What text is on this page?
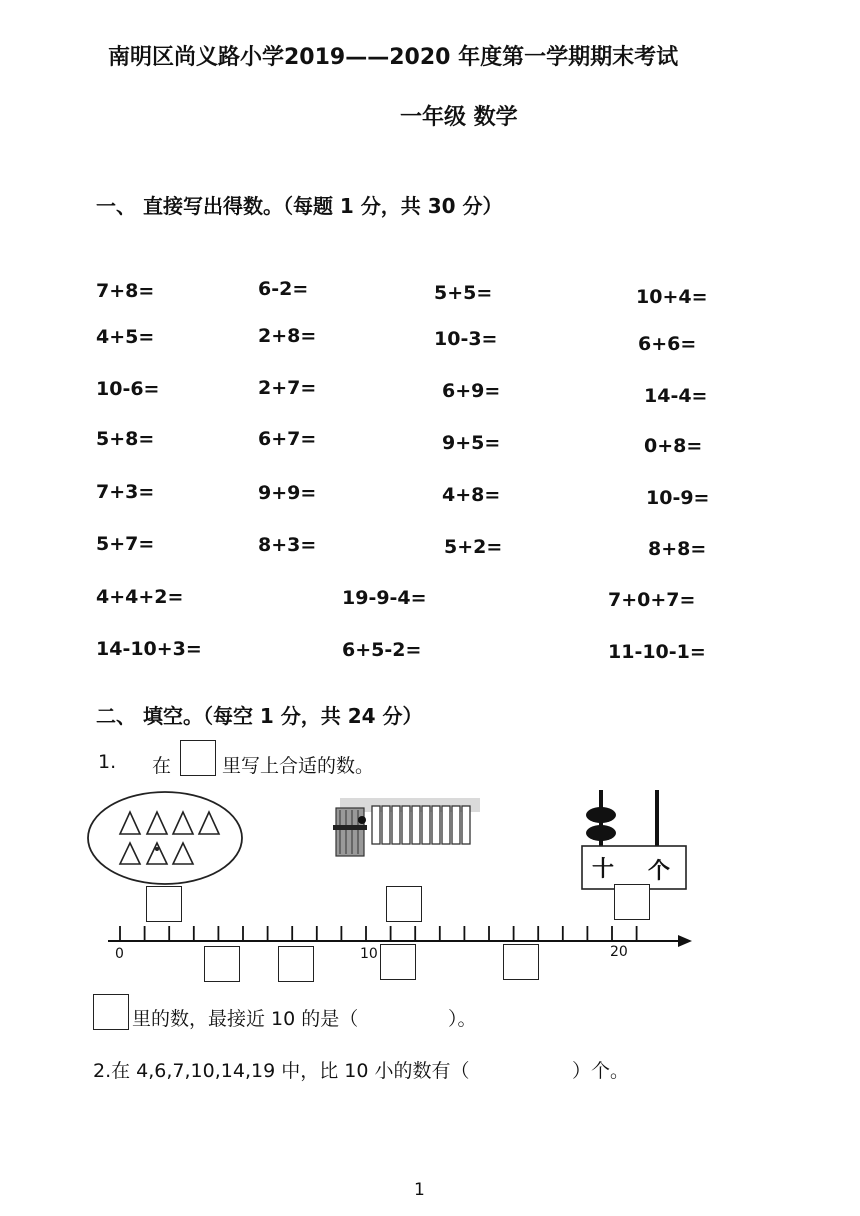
南明区尚义路小学2019——2020 年度第一学期期末考试
一年级 数学
一、 直接写出得数。（每题 1 分，共 30 分）
7+8=	6-2=	5+5=	10+4=
4+5=	2+8=	10-3=	6+6=
10-6=	2+7=	6+9=	14-4=
5+8=	6+7=	9+5=	0+8=
7+3=	9+9=	4+8=	10-9=
5+7=	8+3=	5+2=	8+8=
4+4+2=	19-9-4=	7+0+7=
14-10+3=	6+5-2=	11-10-1=
二、 填空。（每空 1 分，共 24 分）
1. 在	里写上合适的数。
十 个
0	10	20
里的数，最接近 10 的是（	）。
2.在 4,6,7,10,14,19 中，比 10 小的数有（	）个。
1
